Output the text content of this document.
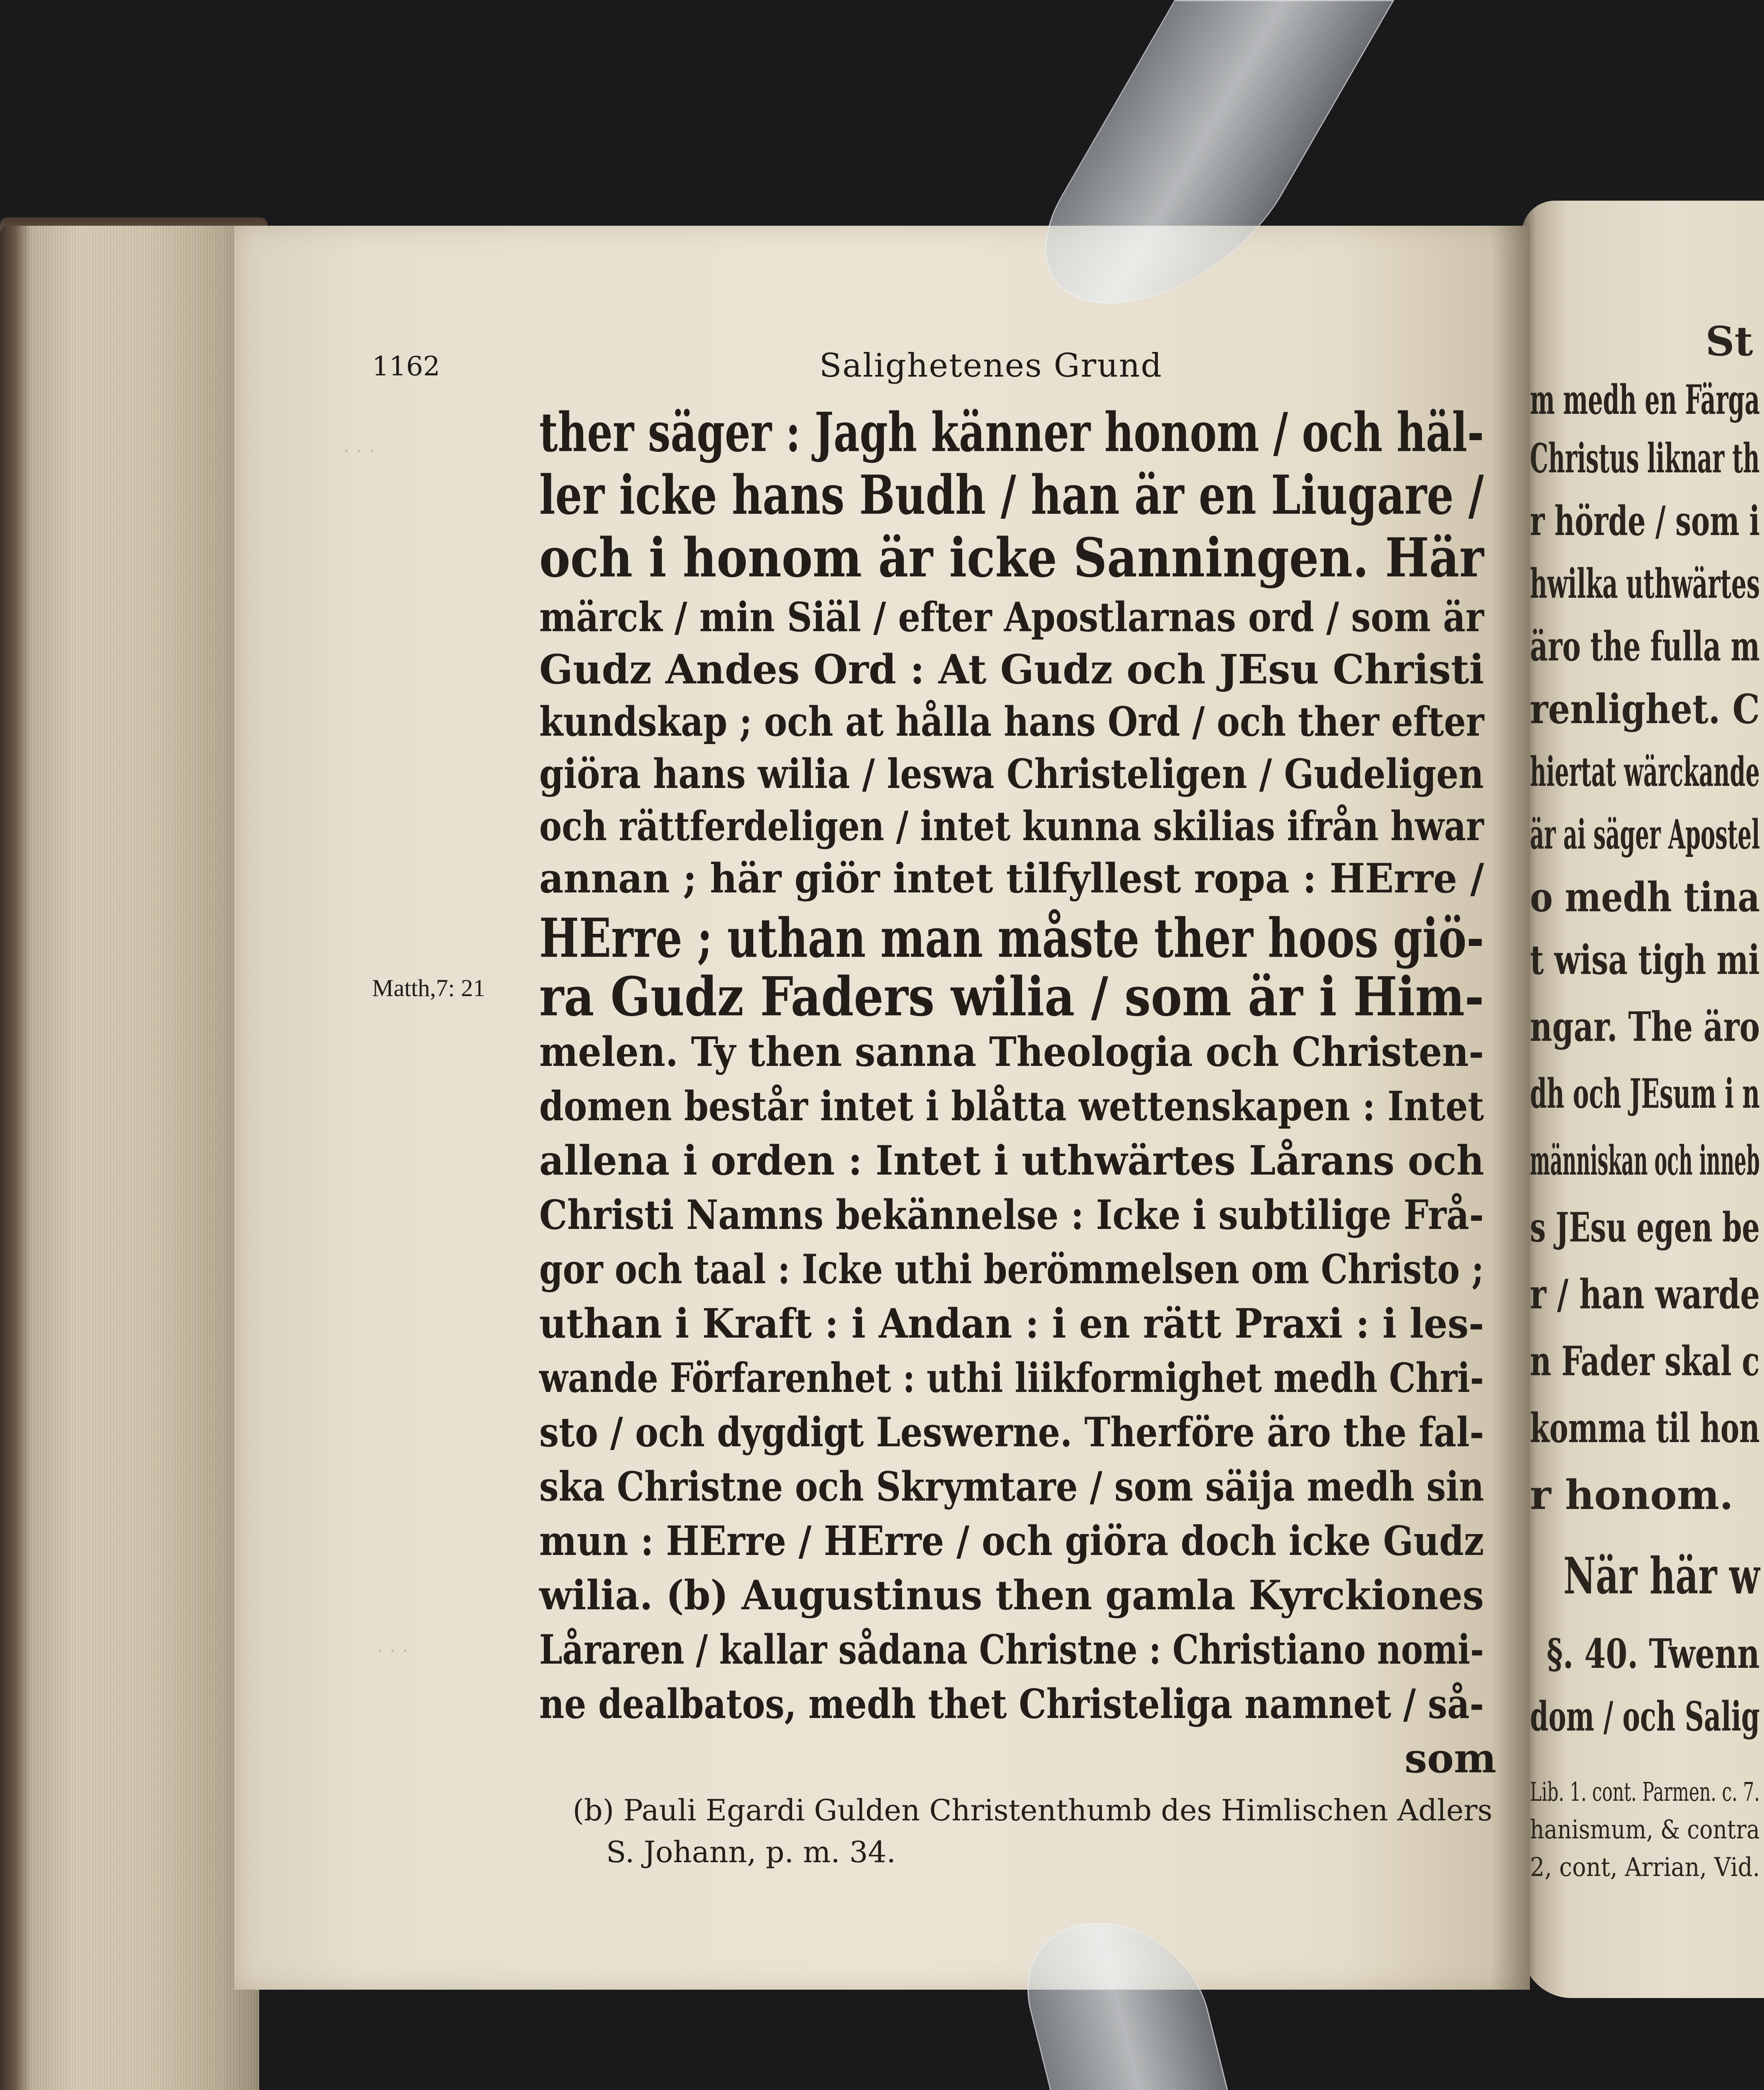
· · ·
· · ·
1162	Salighetenes Grund
Matth,7: 21
ther säger : Jagh känner honom / och häl-
ler icke hans Budh / han är en Liugare /
och i honom är icke Sanningen. Här
märck / min Siäl / efter Apostlarnas ord / som är
Gudz Andes Ord : At Gudz och JEsu Christi
kundskap ; och at hålla hans Ord / och ther efter
giöra hans wilia / leswa Christeligen / Gudeligen
och rättferdeligen / intet kunna skilias ifrån hwar
annan ; här giör intet tilfyllest ropa : HErre /
HErre ; uthan man måste ther hoos giö-
ra Gudz Faders wilia / som är i Him-
melen. Ty then sanna Theologia och Christen-
domen består intet i blåtta wettenskapen : Intet
allena i orden : Intet i uthwärtes Lårans och
Christi Namns bekännelse : Icke i subtilige Frå-
gor och taal : Icke uthi berömmelsen om Christo ;
uthan i Kraft : i Andan : i en rätt Praxi : i les-
wande Förfarenhet : uthi liikformighet medh Chri-
sto / och dygdigt Leswerne. Therföre äro the fal-
ska Christne och Skrymtare / som säija medh sin
mun : HErre / HErre / och giöra doch icke Gudz
wilia. (b) Augustinus then gamla Kyrckiones
Låraren / kallar sådana Christne : Christiano nomi-
ne dealbatos, medh thet Christeliga namnet / så-
som
(b) Pauli Egardi Gulden Christenthumb des Himlischen Adlers
S. Johann, p. m. 34.
St
m medh en Färga
Christus liknar th
r hörde / som i
hwilka uthwärtes
äro the fulla m
renlighet. C
hiertat wärckande
är ai säger Apostel
o medh tina
t wisa tigh mi
ngar. The äro
dh och JEsum i n
människan och inneb
s JEsu egen be
r / han warde
n Fader skal c
komma til hon
r honom.
När här w
§. 40. Twenn
dom / och Salig
Lib. 1. cont. Parmen. c. 7.
hanismum, & contra
2, cont, Arrian, Vid.
